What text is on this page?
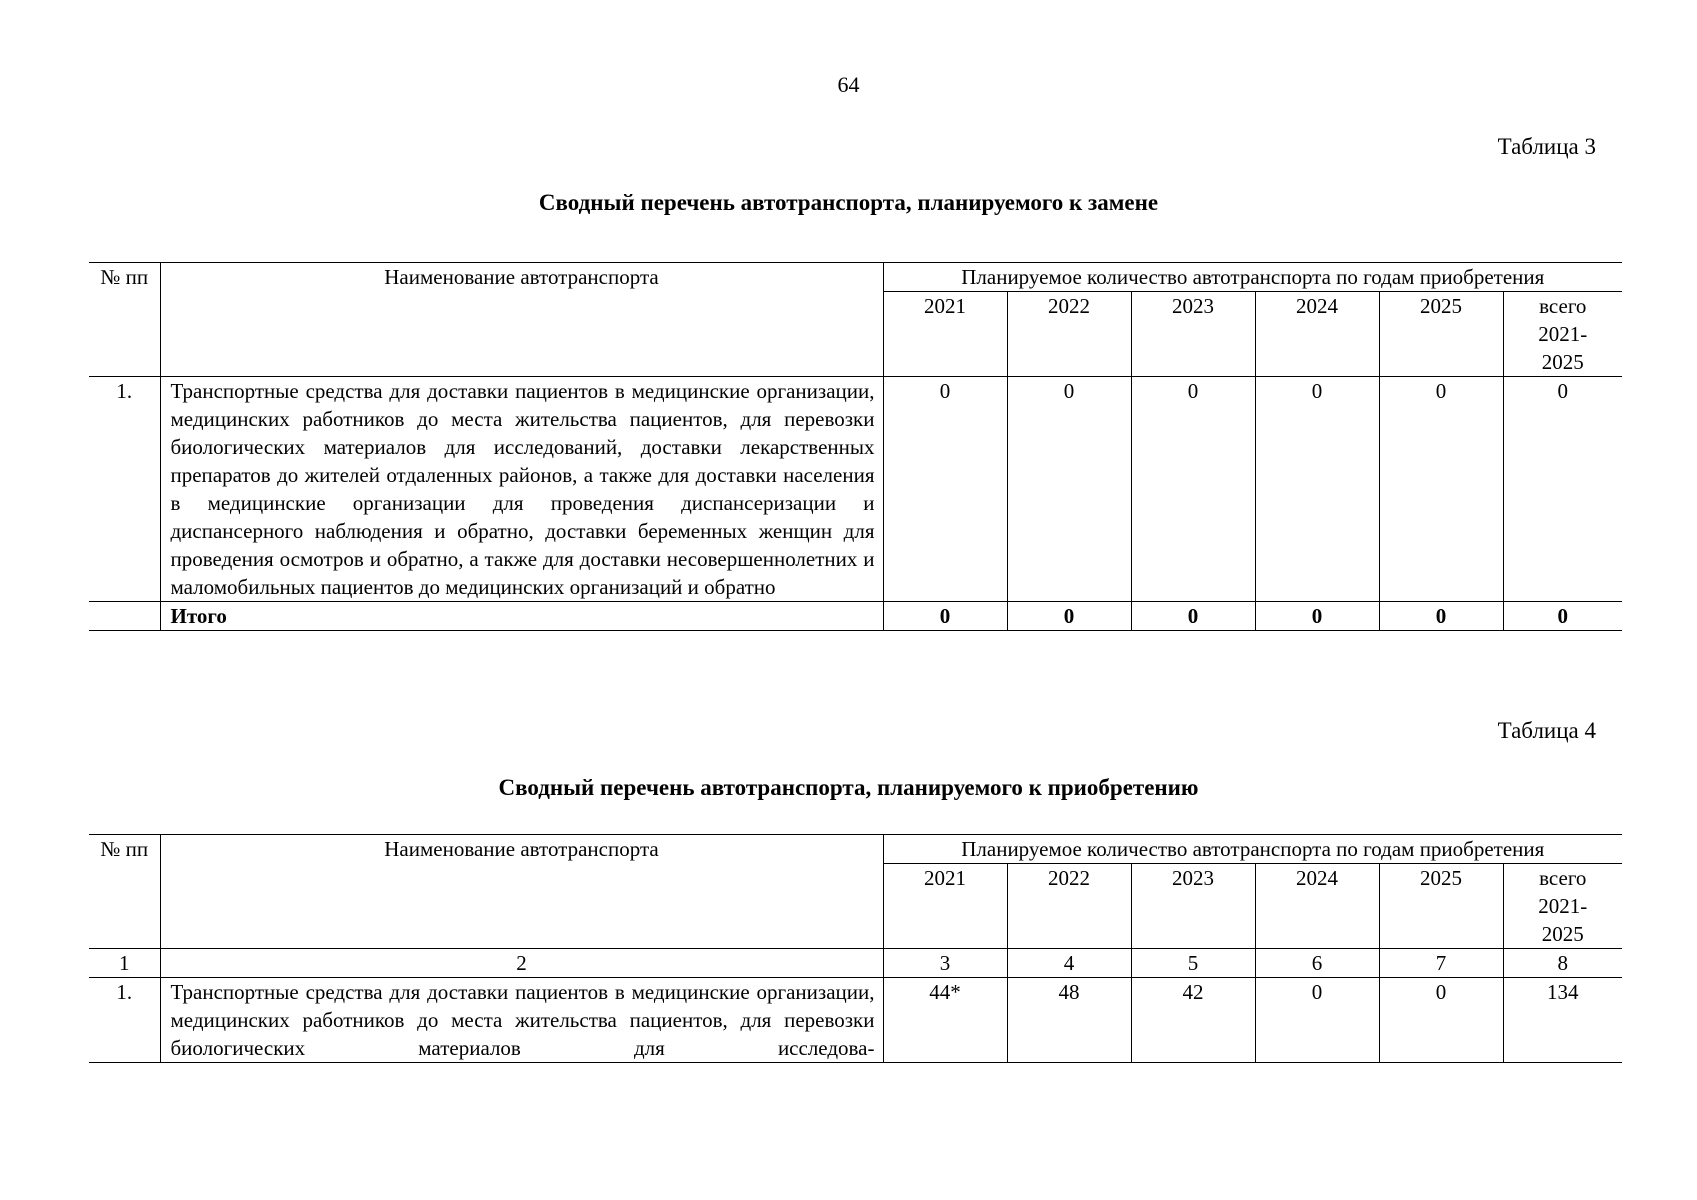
64
Таблица 3
Сводный перечень автотранспорта, планируемого к замене
№ пп	Наименование автотранспорта	Планируемое количество автотранспорта по годам приобретения					
		2021	2022	2023	2024	2025	всего 2021-2025
1.	Транспортные средства для доставки пациентов в медицинские организации, медицинских работников до места жительства пациентов, для перевозки биологических материалов для исследований, доставки лекарственных препаратов до жителей отдаленных районов, а также для доставки населения в медицинские организации для проведения диспансеризации и диспансерного наблюдения и обратно, доставки беременных женщин для проведения осмотров и обратно, а также для доставки несовершеннолетних и маломобильных пациентов до медицинских организаций и обратно	0	0	0	0	0	0
	Итого	0	0	0	0	0	0
Таблица 4
Сводный перечень автотранспорта, планируемого к приобретению
№ пп	Наименование автотранспорта	Планируемое количество автотранспорта по годам приобретения					
		2021	2022	2023	2024	2025	всего 2021-2025
1	2	3	4	5	6	7	8
1.	Транспортные средства для доставки пациентов в медицинские организации, медицинских работников до места жительства пациентов, для перевозки биологических материалов для исследова-	44*	48	42	0	0	134
